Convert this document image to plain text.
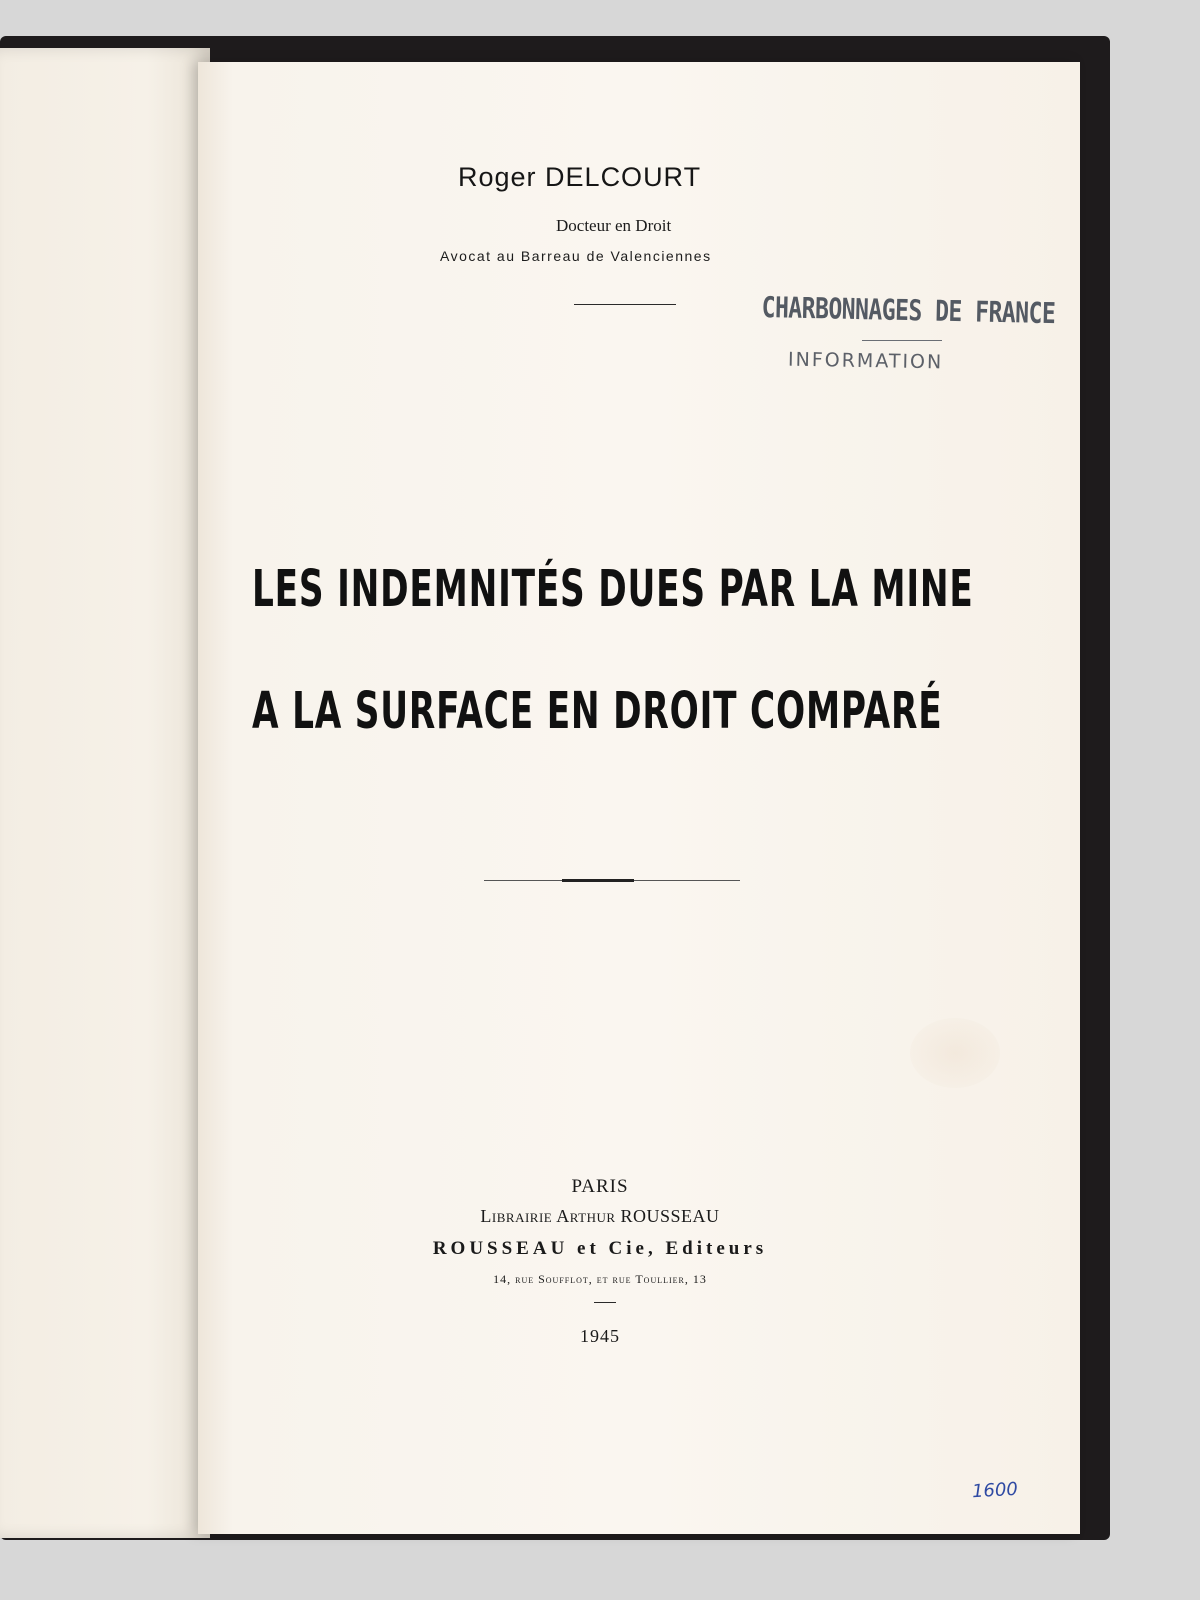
Roger DELCOURT
Docteur en Droit
Avocat au Barreau de Valenciennes
CHARBONNAGES DE FRANCE
INFORMATION
LES INDEMNITÉS DUES PAR LA MINE
A LA SURFACE EN DROIT COMPARÉ
PARIS
Librairie Arthur ROUSSEAU
ROUSSEAU et Cie, Editeurs
14, rue Soufflot, et rue Toullier, 13
1945
1600
